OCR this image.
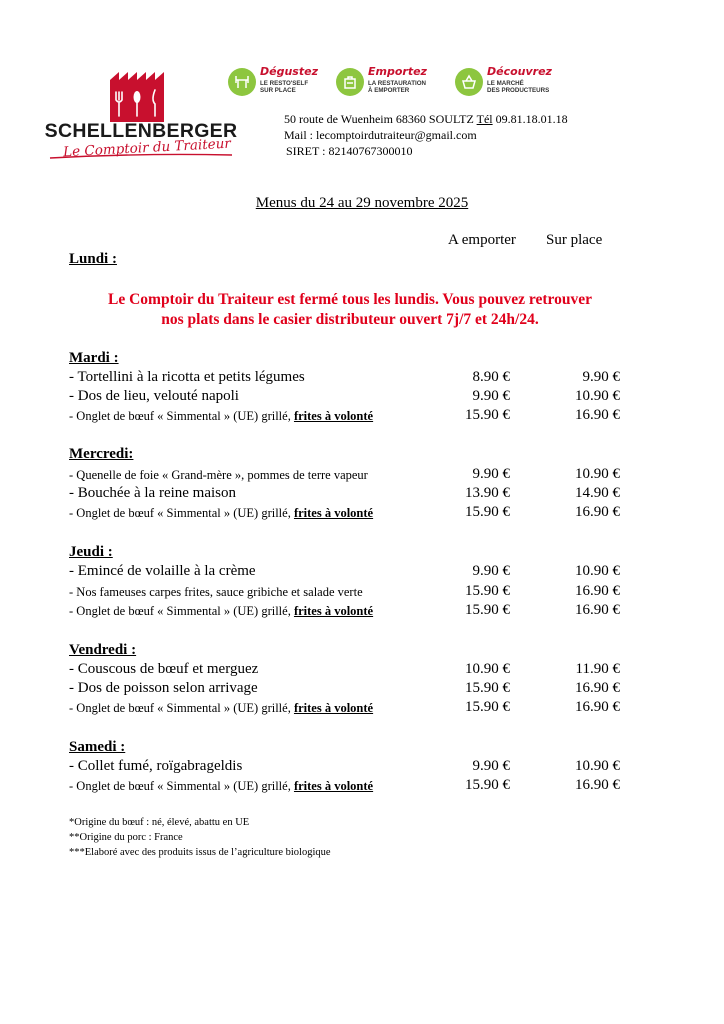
SCHELLENBERGER
Le Comptoir du Traiteur
Dégustez
LE RESTO'SELF
SUR PLACE
Emportez
LA RESTAURATION
À EMPORTER
Découvrez
LE MARCHÉ
DES PRODUCTEURS
50 route de Wuenheim 68360 SOULTZ Tél 09.81.18.01.18
Mail : lecomptoirdutraiteur@gmail.com
SIRET : 82140767300010
Menus du 24 au 29 novembre 2025
A emporter Sur place
Lundi :
Le Comptoir du Traiteur est fermé tous les lundis. Vous pouvez retrouver
nos plats dans le casier distributeur ouvert 7j/7 et 24h/24.
Mardi :
- Tortellini à la ricotta et petits légumes	8.90 €	9.90 €
- Dos de lieu, velouté napoli	9.90 €	10.90 €
- Onglet de bœuf « Simmental » (UE) grillé, frites à volonté	15.90 €	16.90 €
Mercredi:
- Quenelle de foie « Grand-mère », pommes de terre vapeur	9.90 €	10.90 €
- Bouchée à la reine maison	13.90 €	14.90 €
- Onglet de bœuf « Simmental » (UE) grillé, frites à volonté	15.90 €	16.90 €
Jeudi :
- Emincé de volaille à la crème	9.90 €	10.90 €
- Nos fameuses carpes frites, sauce gribiche et salade verte	15.90 €	16.90 €
- Onglet de bœuf « Simmental » (UE) grillé, frites à volonté	15.90 €	16.90 €
Vendredi :
- Couscous de bœuf et merguez	10.90 €	11.90 €
- Dos de poisson selon arrivage	15.90 €	16.90 €
- Onglet de bœuf « Simmental » (UE) grillé, frites à volonté	15.90 €	16.90 €
Samedi :
- Collet fumé, roïgabrageldis	9.90 €	10.90 €
- Onglet de bœuf « Simmental » (UE) grillé, frites à volonté	15.90 €	16.90 €
*Origine du bœuf : né, élevé, abattu en UE
**Origine du porc : France
***Elaboré avec des produits issus de l’agriculture biologique
